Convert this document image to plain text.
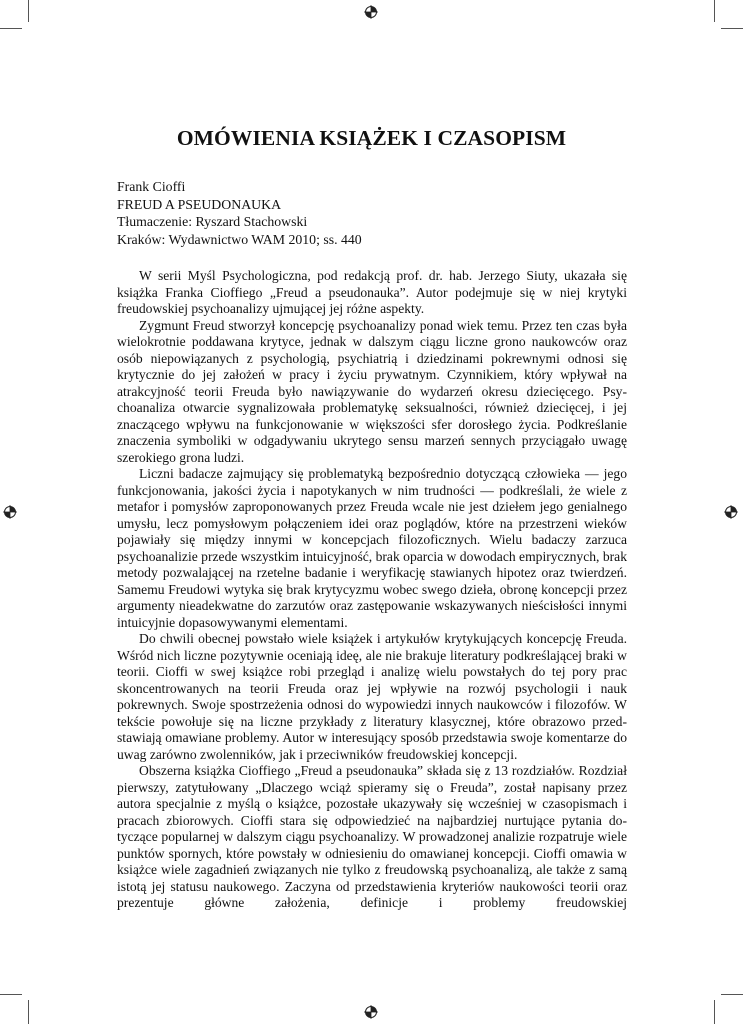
OMÓWIENIA KSIĄŻEK I CZASOPISM
Frank Cioffi
FREUD A PSEUDONAUKA
Tłumaczenie: Ryszard Stachowski
Kraków: Wydawnictwo WAM 2010; ss. 440

W serii Myśl Psychologiczna, pod redakcją prof. dr. hab. Jerzego Siuty, ukazała się książka Franka Cioffiego „Freud a pseudonauka”. Autor podejmuje się w niej krytyki freudowskiej psychoanalizy ujmującej jej różne aspekty.

Zygmunt Freud stworzył koncepcję psychoanalizy ponad wiek temu. Przez ten czas była wielokrotnie poddawana krytyce, jednak w dalszym ciągu liczne grono naukowców oraz osób niepowiązanych z psychologią, psychiatrią i dziedzinami pokrewnymi odnosi się krytycznie do jej założeń w pracy i życiu prywatnym. Czynnikiem, który wpływał na atrakcyjność teorii Freuda było nawiązywanie do wydarzeń okresu dziecięcego. Psychoanaliza otwarcie sygnalizowała problematykę seksualności, również dziecięcej, i jej znaczącego wpływu na funkcjonowanie w większości sfer dorosłego życia. Podkreślanie znaczenia symboliki w odgadywaniu ukrytego sensu marzeń sennych przyciągało uwagę szerokiego grona ludzi.

Liczni badacze zajmujący się problematyką bezpośrednio dotyczącą człowieka — jego funkcjonowania, jakości życia i napotykanych w nim trudności — podkreślali, że wiele z metafor i pomysłów zaproponowanych przez Freuda wcale nie jest dziełem jego genialnego umysłu, lecz pomysłowym połączeniem idei oraz poglądów, które na przestrzeni wieków pojawiały się między innymi w koncepcjach filozoficznych. Wielu badaczy zarzuca psychoanalizie przede wszystkim intuicyjność, brak oparcia w dowodach empirycznych, brak metody pozwalającej na rzetelne badanie i weryfikację stawianych hipotez oraz twierdzeń. Samemu Freudowi wytyka się brak krytycyzmu wobec swego dzieła, obronę koncepcji przez argumenty nieadekwatne do zarzutów oraz zastępowanie wskazywanych nieścisłości innymi intuicyjnie dopasowywanymi elementami.

Do chwili obecnej powstało wiele książek i artykułów krytykujących koncepcję Freuda. Wśród nich liczne pozytywnie oceniają ideę, ale nie brakuje literatury podkreślającej braki w teorii. Cioffi w swej książce robi przegląd i analizę wielu powstałych do tej pory prac skoncentrowanych na teorii Freuda oraz jej wpływie na rozwój psychologii i nauk pokrewnych. Swoje spostrzeżenia odnosi do wypowiedzi innych naukowców i filozofów. W tekście powołuje się na liczne przykłady z literatury klasycznej, które obrazowo przedstawiają omawiane problemy. Autor w interesujący sposób przedstawia swoje komentarze do uwag zarówno zwolenników, jak i przeciwników freudowskiej koncepcji.

Obszerna książka Cioffiego „Freud a pseudonauka” składa się z 13 rozdziałów. Rozdział pierwszy, zatytułowany „Dlaczego wciąż spieramy się o Freuda”, został napisany przez autora specjalnie z myślą o książce, pozostałe ukazywały się wcześniej w czasopismach i pracach zbiorowych. Cioffi stara się odpowiedzieć na najbardziej nurtujące pytania dotyczące popularnej w dalszym ciągu psychoanalizy. W prowadzonej analizie rozpatruje wiele punktów spornych, które powstały w odniesieniu do omawianej koncepcji. Cioffi omawia w książce wiele zagadnień związanych nie tylko z freudowską psychoanalizą, ale także z samą istotą jej statusu naukowego. Zaczyna od przedstawienia kryteriów naukowości teorii oraz prezentuje główne założenia, definicje i problemy freudowskiej
